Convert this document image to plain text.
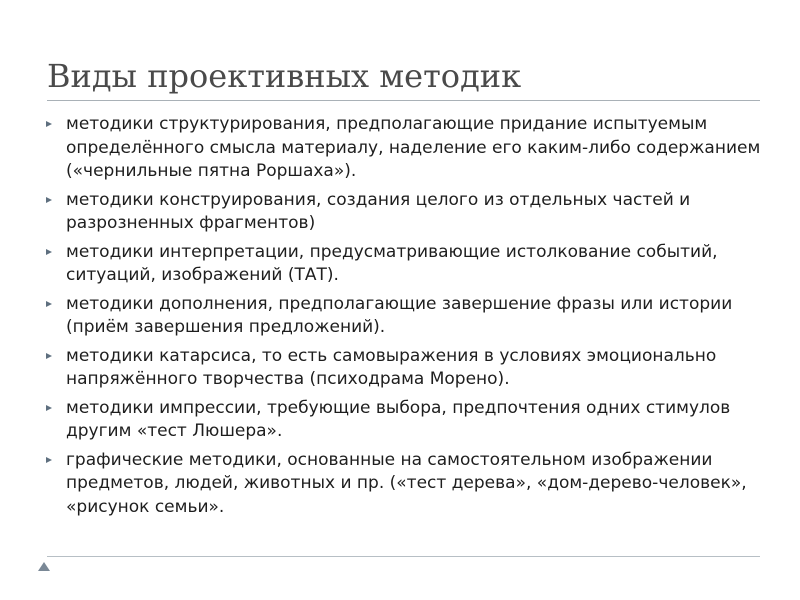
Виды проективных методик
методики структурирования, предполагающие придание испытуемым определённого смысла материалу, наделение его каким-либо содержанием («чернильные пятна Роршаха»).
методики конструирования, создания целого из отдельных частей и разрозненных фрагментов)
методики интерпретации, предусматривающие истолкование событий, ситуаций, изображений (ТАТ).
методики дополнения, предполагающие завершение фразы или истории (приём завершения предложений).
методики катарсиса, то есть самовыражения в условиях эмоционально напряжённого творчества (психодрама Морено).
методики импрессии, требующие выбора, предпочтения одних стимулов другим «тест Люшера».
графические методики, основанные на самостоятельном изображении предметов, людей, животных и пр. («тест дерева», «дом-дерево-человек», «рисунок семьи».
